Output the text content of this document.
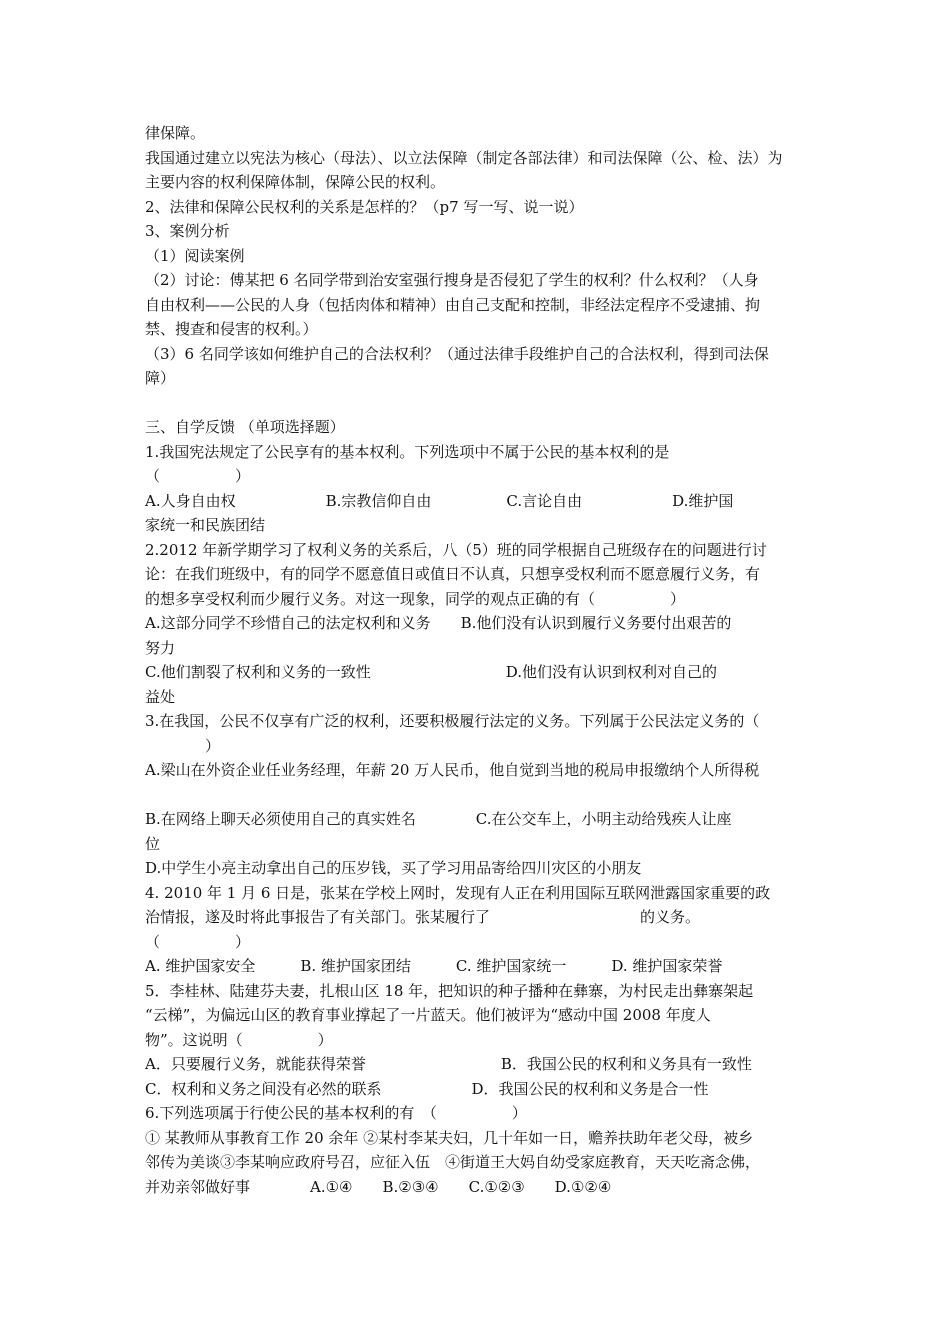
律保障。
我国通过建立以宪法为核心（母法）、以立法保障（制定各部法律）和司法保障（公、检、法）为
主要内容的权利保障体制，保障公民的权利。
2、法律和保障公民权利的关系是怎样的？（p7 写一写、说一说）
3、案例分析
（1）阅读案例
（2）讨论：傅某把 6 名同学带到治安室强行搜身是否侵犯了学生的权利？什么权利？（人身
自由权利——公民的人身（包括肉体和精神）由自己支配和控制，非经法定程序不受逮捕、拘
禁、搜查和侵害的权利。）
（3）6 名同学该如何维护自己的合法权利？（通过法律手段维护自己的合法权利，得到司法保
障）
三、自学反馈 （单项选择题）
1.我国宪法规定了公民享有的基本权利。下列选项中不属于公民的基本权利的是
（　　　　　）
A.人身自由权　　　　　　B.宗教信仰自由　　　　　C.言论自由　　　　　　D.维护国
家统一和民族团结
2.2012 年新学期学习了权利义务的关系后，八（5）班的同学根据自己班级存在的问题进行讨
论：在我们班级中，有的同学不愿意值日或值日不认真，只想享受权利而不愿意履行义务，有
的想多享受权利而少履行义务。对这一现象，同学的观点正确的有（　　　　　）
A.这部分同学不珍惜自己的法定权利和义务　　B.他们没有认识到履行义务要付出艰苦的
努力
C.他们割裂了权利和义务的一致性　　　　　　　　　D.他们没有认识到权利对自己的
益处
3.在我国，公民不仅享有广泛的权利，还要积极履行法定的义务。下列属于公民法定义务的（
　　　　）
A.梁山在外资企业任业务经理，年薪 20 万人民币，他自觉到当地的税局申报缴纳个人所得税
B.在网络上聊天必须使用自己的真实姓名　　　　C.在公交车上，小明主动给残疾人让座
位
D.中学生小亮主动拿出自己的压岁钱，买了学习用品寄给四川灾区的小朋友
4. 2010 年 1 月 6 日是，张某在学校上网时，发现有人正在利用国际互联网泄露国家重要的政
治情报，遂及时将此事报告了有关部门。张某履行了　　　　　　　　　　的义务。
（　　　　　）
A. 维护国家安全　　　B. 维护国家团结　　　C. 维护国家统一　　　D. 维护国家荣誉
5．李桂林、陆建芬夫妻，扎根山区 18 年，把知识的种子播种在彝寨，为村民走出彝寨架起
“云梯”，为偏远山区的教育事业撑起了一片蓝天。他们被评为“感动中国 2008 年度人
物”。这说明（　　　　　）
A．只要履行义务，就能获得荣誉　　　　　　　　　B．我国公民的权利和义务具有一致性
C．权利和义务之间没有必然的联系　　　　　　D．我国公民的权利和义务是合一性
6.下列选项属于行使公民的基本权利的有　（　　　　　）
① 某教师从事教育工作 20 余年 ②某村李某夫妇，几十年如一日，赡养扶助年老父母，被乡
邻传为美谈③李某响应政府号召，应征入伍　④街道王大妈自幼受家庭教育，天天吃斋念佛，
并劝亲邻做好事　　　　A.①④　　B.②③④　　C.①②③　　D.①②④
